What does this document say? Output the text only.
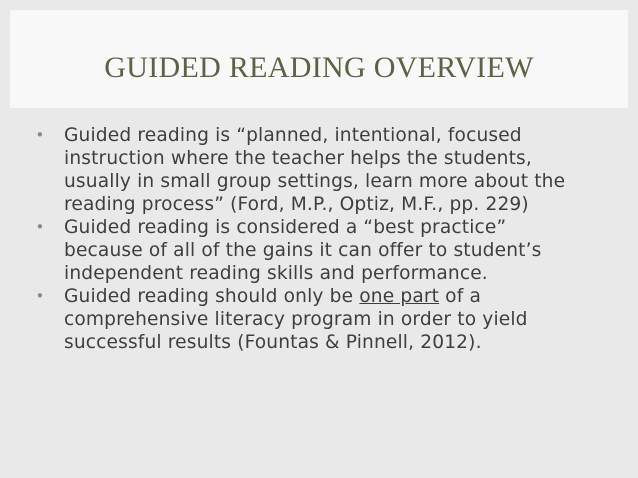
GUIDED READING OVERVIEW
• Guided reading is “planned, intentional, focused
instruction where the teacher helps the students,
usually in small group settings, learn more about the
reading process” (Ford, M.P., Optiz, M.F., pp. 229)
• Guided reading is considered a “best practice”
because of all of the gains it can offer to student’s
independent reading skills and performance.
• Guided reading should only be one part of a
comprehensive literacy program in order to yield
successful results (Fountas & Pinnell, 2012).
